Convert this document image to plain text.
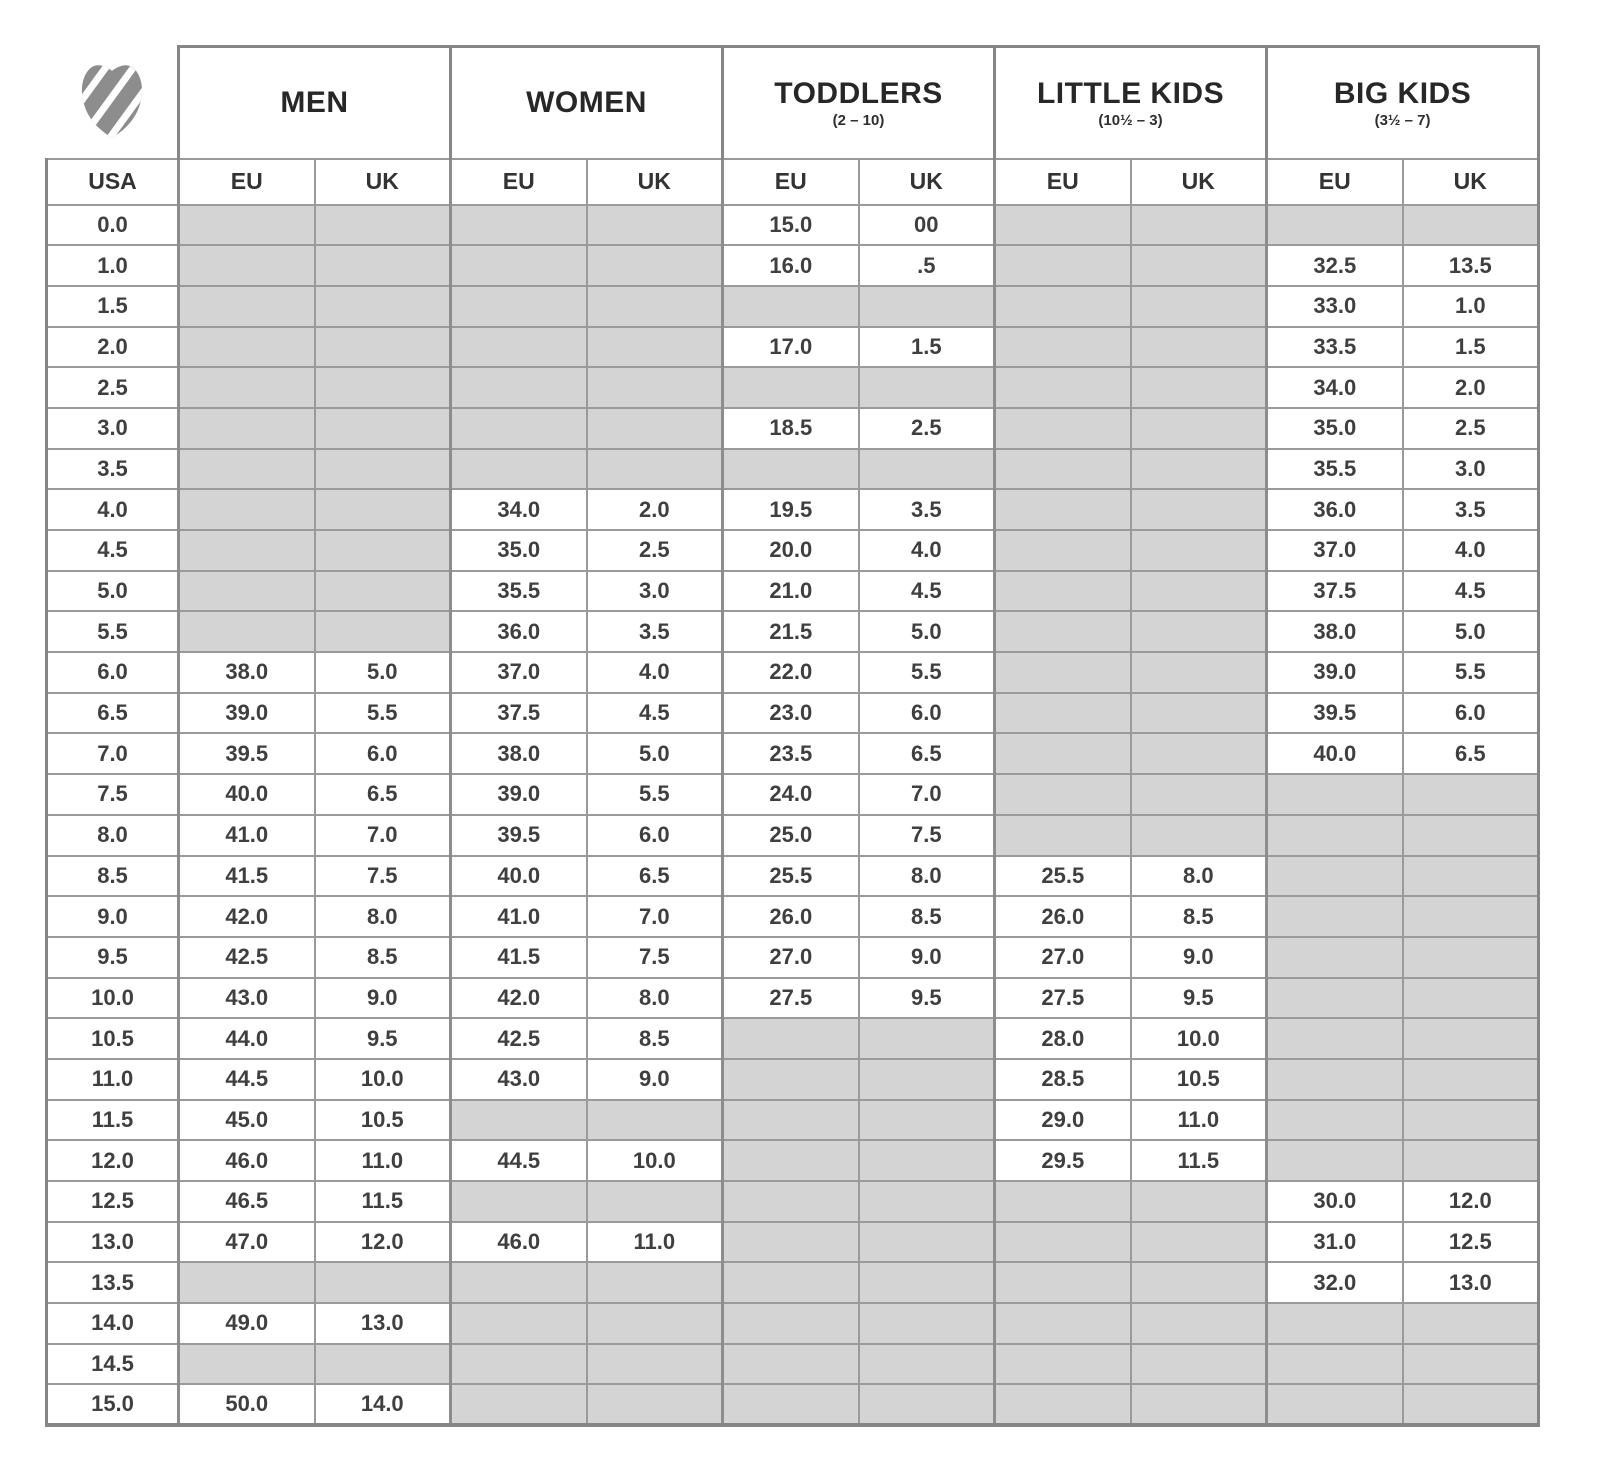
MEN	WOMEN	TODDLERS
(2 – 10)

LITTLE KIDS
(10½ – 3)

BIG KIDS
(3½ – 7)

USA	EU	UK	EU	UK	EU	UK	EU	UK	EU	UK
0.0					15.0	00				
1.0					16.0	.5			32.5	13.5
1.5									33.0	1.0
2.0					17.0	1.5			33.5	1.5
2.5									34.0	2.0
3.0					18.5	2.5			35.0	2.5
3.5									35.5	3.0
4.0			34.0	2.0	19.5	3.5			36.0	3.5
4.5			35.0	2.5	20.0	4.0			37.0	4.0
5.0			35.5	3.0	21.0	4.5			37.5	4.5
5.5			36.0	3.5	21.5	5.0			38.0	5.0
6.0	38.0	5.0	37.0	4.0	22.0	5.5			39.0	5.5
6.5	39.0	5.5	37.5	4.5	23.0	6.0			39.5	6.0
7.0	39.5	6.0	38.0	5.0	23.5	6.5			40.0	6.5
7.5	40.0	6.5	39.0	5.5	24.0	7.0				
8.0	41.0	7.0	39.5	6.0	25.0	7.5				
8.5	41.5	7.5	40.0	6.5	25.5	8.0	25.5	8.0		
9.0	42.0	8.0	41.0	7.0	26.0	8.5	26.0	8.5		
9.5	42.5	8.5	41.5	7.5	27.0	9.0	27.0	9.0		
10.0	43.0	9.0	42.0	8.0	27.5	9.5	27.5	9.5		
10.5	44.0	9.5	42.5	8.5			28.0	10.0		
11.0	44.5	10.0	43.0	9.0			28.5	10.5		
11.5	45.0	10.5					29.0	11.0		
12.0	46.0	11.0	44.5	10.0			29.5	11.5		
12.5	46.5	11.5							30.0	12.0
13.0	47.0	12.0	46.0	11.0					31.0	12.5
13.5									32.0	13.0
14.0	49.0	13.0								
14.5										
15.0	50.0	14.0								
